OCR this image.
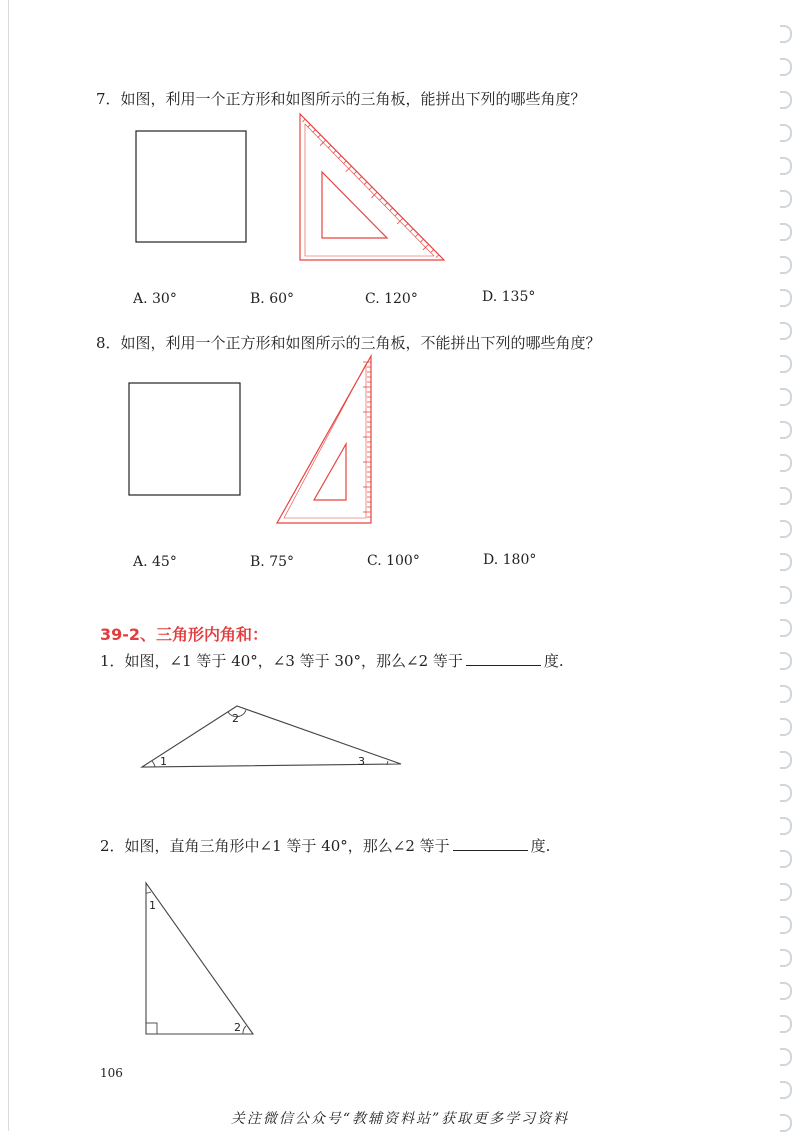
7．如图，利用一个正方形和如图所示的三角板，能拼出下列的哪些角度？
A. 30°	B. 60°	C. 120°	D. 135°
8．如图，利用一个正方形和如图所示的三角板，不能拼出下列的哪些角度？
A. 45°	B. 75°	C. 100°	D. 180°
39-2、三角形内角和：
1．如图，∠1 等于 40°，∠3 等于 30°，那么∠2 等于	度.
1
2
3
2．如图，直角三角形中∠1 等于 40°，那么∠2 等于	度.
1
2
106
关注微信公众号“教辅资料站”获取更多学习资料
